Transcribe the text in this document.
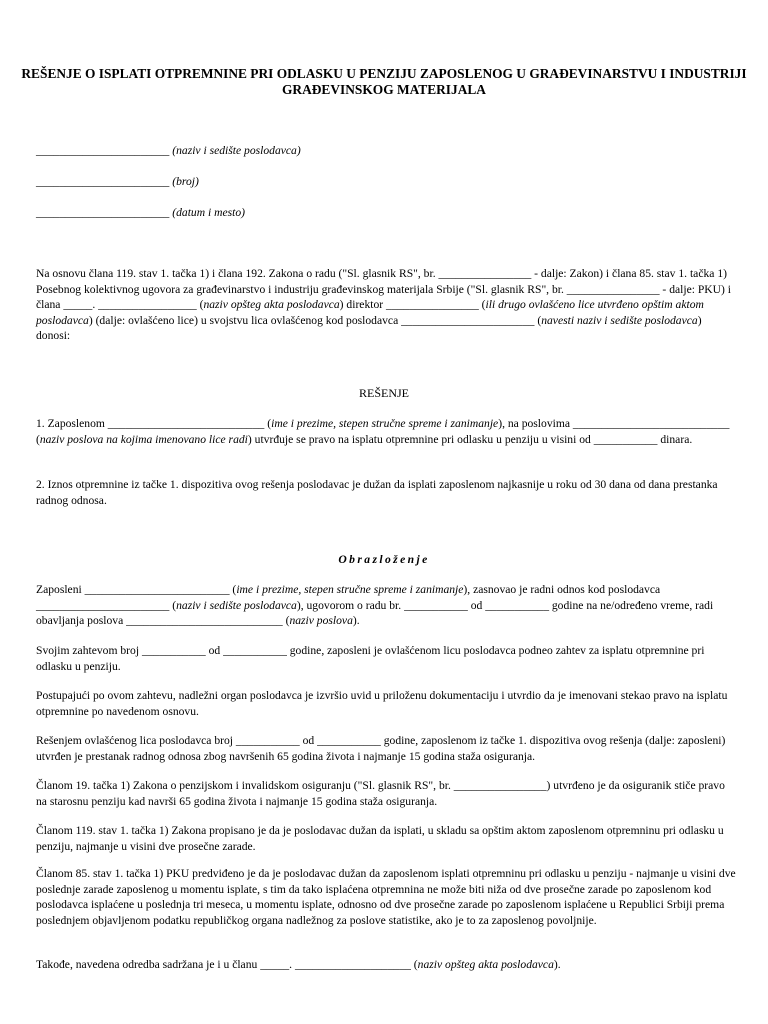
REŠENJE O ISPLATI OTPREMNINE PRI ODLASKU U PENZIJU ZAPOSLENOG U GRAĐEVINARSTVU I INDUSTRIJI GRAĐEVINSKOG MATERIJALA
_______________________ (naziv i sedište poslodavca)
_______________________ (broj)
_______________________ (datum i mesto)
Na osnovu člana 119. stav 1. tačka 1) i člana 192. Zakona o radu ("Sl. glasnik RS", br. ________________ - dalje: Zakon) i člana 85. stav 1. tačka 1) Posebnog kolektivnog ugovora za građevinarstvo i industriju građevinskog materijala Srbije ("Sl. glasnik RS", br. ________________ - dalje: PKU) i člana _____. _________________ (naziv opšteg akta poslodavca) direktor ________________ (ili drugo ovlašćeno lice utvrđeno opštim aktom poslodavca) (dalje: ovlašćeno lice) u svojstvu lica ovlašćenog kod poslodavca _______________________ (navesti naziv i sedište poslodavca) donosi:
REŠENJE
1. Zaposlenom ___________________________ (ime i prezime, stepen stručne spreme i zanimanje), na poslovima ___________________________ (naziv poslova na kojima imenovano lice radi) utvrđuje se pravo na isplatu otpremnine pri odlasku u penziju u visini od ___________ dinara.
2. Iznos otpremnine iz tačke 1. dispozitiva ovog rešenja poslodavac je dužan da isplati zaposlenom najkasnije u roku od 30 dana od dana prestanka radnog odnosa.
Obrazloženje
Zaposleni _________________________ (ime i prezime, stepen stručne spreme i zanimanje), zasnovao je radni odnos kod poslodavca _______________________ (naziv i sedište poslodavca), ugovorom o radu br. ___________ od ___________ godine na ne/određeno vreme, radi obavljanja poslova ___________________________ (naziv poslova).
Svojim zahtevom broj ___________ od ___________ godine, zaposleni je ovlašćenom licu poslodavca podneo zahtev za isplatu otpremnine pri odlasku u penziju.
Postupajući po ovom zahtevu, nadležni organ poslodavca je izvršio uvid u priloženu dokumentaciju i utvrdio da je imenovani stekao pravo na isplatu otpremnine po navedenom osnovu.
Rešenjem ovlašćenog lica poslodavca broj ___________ od ___________ godine, zaposlenom iz tačke 1. dispozitiva ovog rešenja (dalje: zaposleni) utvrđen je prestanak radnog odnosa zbog navršenih 65 godina života i najmanje 15 godina staža osiguranja.
Članom 19. tačka 1) Zakona o penzijskom i invalidskom osiguranju ("Sl. glasnik RS", br. ________________) utvrđeno je da osiguranik stiče pravo na starosnu penziju kad navrši 65 godina života i najmanje 15 godina staža osiguranja.
Članom 119. stav 1. tačka 1) Zakona propisano je da je poslodavac dužan da isplati, u skladu sa opštim aktom zaposlenom otpremninu pri odlasku u penziju, najmanje u visini dve prosečne zarade.
Članom 85. stav 1. tačka 1) PKU predviđeno je da je poslodavac dužan da zaposlenom isplati otpremninu pri odlasku u penziju - najmanje u visini dve poslednje zarade zaposlenog u momentu isplate, s tim da tako isplaćena otpremnina ne može biti niža od dve prosečne zarade po zaposlenom kod poslodavca isplaćene u poslednja tri meseca, u momentu isplate, odnosno od dve prosečne zarade po zaposlenom isplaćene u Republici Srbiji prema poslednjem objavljenom podatku republičkog organa nadležnog za poslove statistike, ako je to za zaposlenog povoljnije.
Takođe, navedena odredba sadržana je i u članu _____. ____________________ (naziv opšteg akta poslodavca).
